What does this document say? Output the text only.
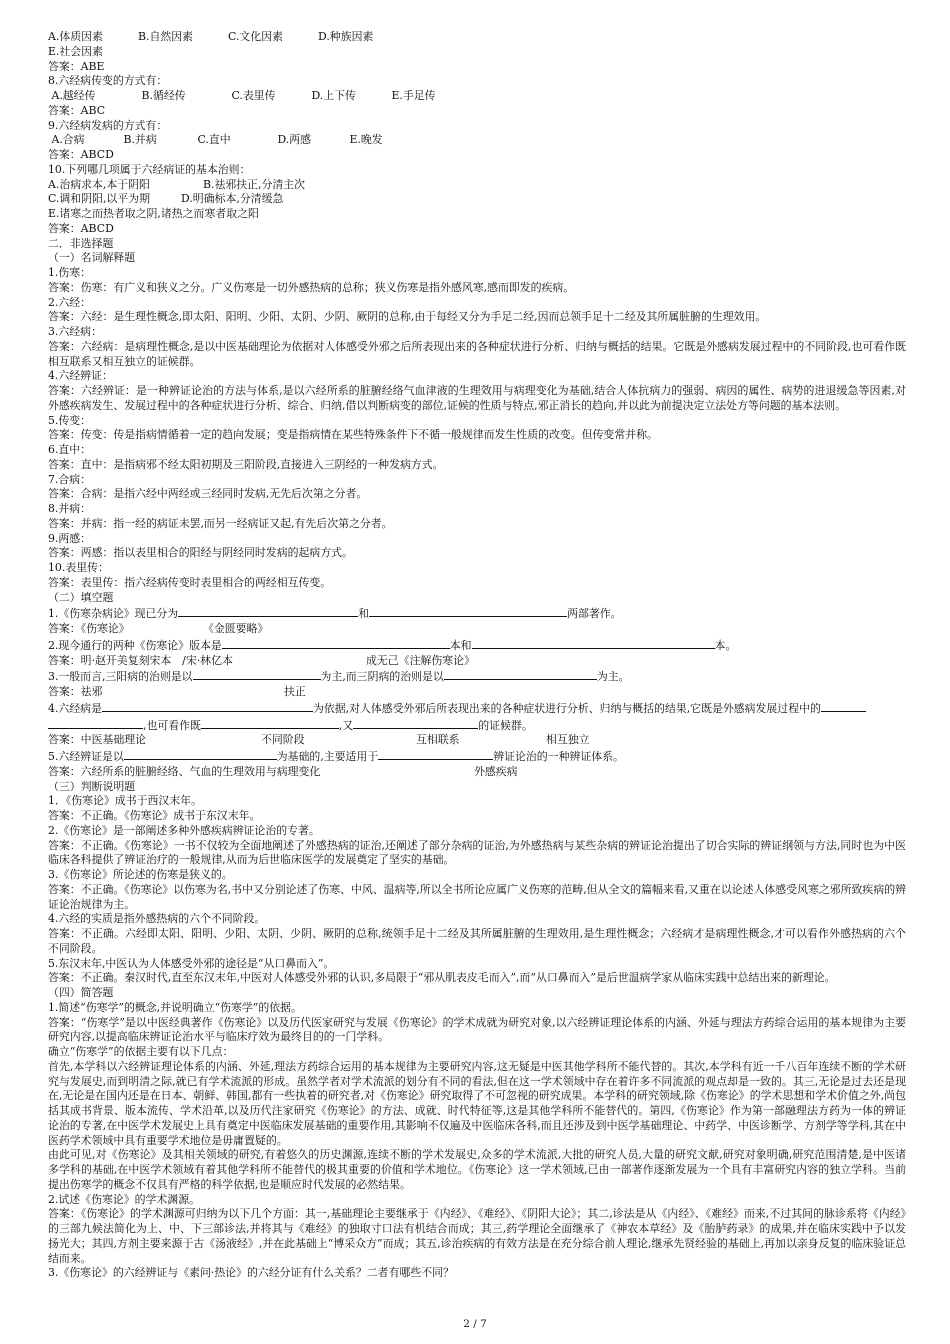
A.体质因素	B.自然因素	C.文化因素	D.种族因素
E.社会因素
答案：ABE
8.六经病传变的方式有：
A.越经传	B.循经传	C.表里传	D.上下传	E.手足传
答案：ABC
9.六经病发病的方式有：
A.合病	B.并病	C.直中	D.两感	E.晚发
答案：ABCD
10.下列哪几项属于六经病证的基本治则：
A.治病求本,本于阴阳	B.祛邪扶正,分清主次
C.调和阴阳,以平为期	D.明确标本,分清缓急
E.诸寒之而热者取之阴,诸热之而寒者取之阳
答案：ABCD
二．非选择题
（一）名词解释题
1.伤寒：
答案：伤寒：有广义和狭义之分。广义伤寒是一切外感热病的总称；狭义伤寒是指外感风寒,感而即发的疾病。
2.六经：
答案：六经：是生理性概念,即太阳、阳明、少阳、太阴、少阴、厥阴的总称,由于每经又分为手足二经,因而总领手足十二经及其所属脏腑的生理效用。
3.六经病：
答案：六经病：是病理性概念,是以中医基础理论为依据对人体感受外邪之后所表现出来的各种症状进行分析、归纳与概括的结果。它既是外感病发展过程中的不同阶段,也可看作既相互联系又相互独立的证候群。
4.六经辨证：
答案：六经辨证：是一种辨证论治的方法与体系,是以六经所系的脏腑经络气血津液的生理效用与病理变化为基础,结合人体抗病力的强弱、病因的属性、病势的进退缓急等因素,对外感疾病发生、发展过程中的各种症状进行分析、综合、归纳,借以判断病变的部位,证候的性质与特点,邪正消长的趋向,并以此为前提决定立法处方等问题的基本法则。
5.传变：
答案：传变：传是指病情循着一定的趋向发展；变是指病情在某些特殊条件下不循一般规律而发生性质的改变。但传变常并称。
6.直中：
答案：直中：是指病邪不经太阳初期及三阳阶段,直接进入三阴经的一种发病方式。
7.合病：
答案：合病：是指六经中两经或三经同时发病,无先后次第之分者。
8.并病：
答案：并病：指一经的病证未罢,而另一经病证又起,有先后次第之分者。
9.两感：
答案：两感：指以表里相合的阳经与阴经同时发病的起病方式。
10.表里传：
答案：表里传：指六经病传变时表里相合的两经相互传变。
（二）填空题
1.《伤寒杂病论》现已分为	和	两部著作。
答案：《伤寒论》	《金匮要略》
2.现今通行的两种《伤寒论》版本是	本和	本。
答案：明·赵开美复刻宋本　/宋·林亿本	成无己《注解伤寒论》
3.一般而言,三阳病的治则是以	为主,而三阴病的治则是以	为主。
答案：祛邪	扶正
4.六经病是	为依据,对人体感受外邪后所表现出来的各种症状进行分析、归纳与概括的结果,它既是外感病发展过程中的
,也可看作既	,又	的证候群。
答案：中医基础理论	不同阶段	互相联系	相互独立
5.六经辨证是以	为基础的,主要适用于	辨证论治的一种辨证体系。
答案：六经所系的脏腑经络、气血的生理效用与病理变化	外感疾病
（三）判断说明题
1．《伤寒论》成书于西汉末年。
答案：不正确。《伤寒论》成书于东汉末年。
2.《伤寒论》是一部阐述多种外感疾病辨证论治的专著。
答案：不正确。《伤寒论》一书不仅较为全面地阐述了外感热病的证治,还阐述了部分杂病的证治,为外感热病与某些杂病的辨证论治提出了切合实际的辨证纲领与方法,同时也为中医临床各科提供了辨证治疗的一般规律,从而为后世临床医学的发展奠定了坚实的基础。
3.《伤寒论》所论述的伤寒是狭义的。
答案：不正确。《伤寒论》以伤寒为名,书中又分别论述了伤寒、中风、温病等,所以全书所论应属广义伤寒的范畴,但从全文的篇幅来看,又重在以论述人体感受风寒之邪所致疾病的辨证论治规律为主。
4.六经的实质是指外感热病的六个不同阶段。
答案：不正确。六经即太阳、阳明、少阳、太阴、少阴、厥阴的总称,统领手足十二经及其所属脏腑的生理效用,是生理性概念；六经病才是病理性概念,才可以看作外感热病的六个不同阶段。
5.东汉末年,中医认为人体感受外邪的途径是“从口鼻而入”。
答案：不正确。秦汉时代,直至东汉末年,中医对人体感受外邪的认识,多局限于“邪从肌表皮毛而入”,而“从口鼻而入”是后世温病学家从临床实践中总结出来的新理论。
（四）简答题
1.简述“伤寒学”的概念,并说明确立“伤寒学”的依据。
答案：“伤寒学”是以中医经典著作《伤寒论》以及历代医家研究与发展《伤寒论》的学术成就为研究对象,以六经辨证理论体系的内涵、外延与理法方药综合运用的基本规律为主要研究内容,以提高临床辨证论治水平与临床疗效为最终目的的一门学科。
确立“伤寒学”的依据主要有以下几点：
首先,本学科以六经辨证理论体系的内涵、外延,理法方药综合运用的基本规律为主要研究内容,这无疑是中医其他学科所不能代替的。其次,本学科有近一千八百年连续不断的学术研究与发展史,而到明清之际,就已有学术流派的形成。虽然学者对学术流派的划分有不同的看法,但在这一学术领域中存在着许多不同流派的观点却是一致的。其三,无论是过去还是现在,无论是在国内还是在日本、朝鲜、韩国,都有一些执着的研究者,对《伤寒论》研究取得了不可忽视的研究成果。本学科的研究领域,除《伤寒论》的学术思想和学术价值之外,尚包括其成书背景、版本流传、学术沿革,以及历代注家研究《伤寒论》的方法、成就、时代特征等,这是其他学科所不能替代的。第四,《伤寒论》作为第一部融理法方药为一体的辨证论治的专著,在中医学术发展史上具有奠定中医临床发展基础的重要作用,其影响不仅遍及中医临床各科,而且还涉及到中医学基础理论、中药学、中医诊断学、方剂学等学科,其在中医药学术领域中具有重要学术地位是毋庸置疑的。
由此可见,对《伤寒论》及其相关领域的研究,有着悠久的历史渊源,连续不断的学术发展史,众多的学术流派,大批的研究人员,大量的研究文献,研究对象明确,研究范围清楚,是中医诸多学科的基础,在中医学术领域有着其他学科所不能替代的极其重要的价值和学术地位。《伤寒论》这一学术领域,已由一部著作逐渐发展为一个具有丰富研究内容的独立学科。当前提出伤寒学的概念不仅具有严格的科学依据,也是顺应时代发展的必然结果。
2.试述《伤寒论》的学术渊源。
答案：《伤寒论》的学术渊源可归纳为以下几个方面：其一,基础理论主要继承于《内经》、《难经》、《阴阳大论》；其二,诊法是从《内经》、《难经》而来,不过其间的脉诊系将《内经》的三部九候法简化为上、中、下三部诊法,并将其与《难经》的独取寸口法有机结合而成；其三,药学理论全面继承了《神农本草经》及《胎胪药录》的成果,并在临床实践中予以发扬光大；其四,方剂主要来源于古《汤液经》,并在此基础上“博采众方”而成；其五,诊治疾病的有效方法是在充分综合前人理论,继承先贤经验的基础上,再加以亲身反复的临床验证总结而来。
3.《伤寒论》的六经辨证与《素问·热论》的六经分证有什么关系？二者有哪些不同？
2 / 7
